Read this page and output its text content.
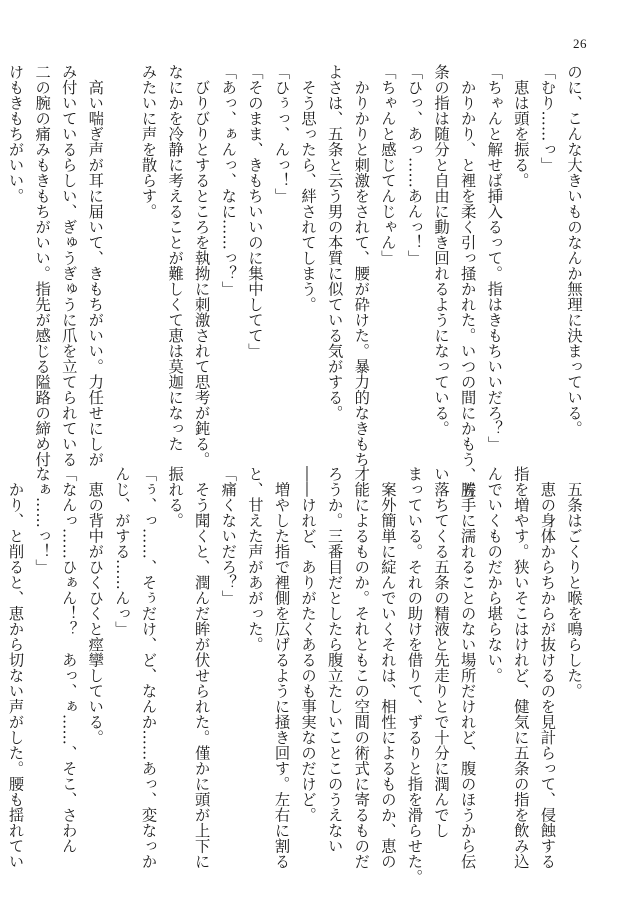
26
のに、こんな大きいものなんか無理に決まっている。
「むり……っ」
　恵は頭を振る。
「ちゃんと解せば挿入るって。指はきもちいいだろ？」
　かりかり、と裡を柔く引っ掻かれた。いつの間にかもう、五
条の指は随分と自由に動き回れるようになっている。
「ひっ、あっ……あんっ！」
「ちゃんと感じてんじゃん」
　かりかりと刺激をされて、腰が砕けた。暴力的なきもち
よさは、五条と云う男の本質に似ている気がする。
　そう思ったら、絆されてしまう。
「ひぅっ、んっ！」
「そのまま、きもちいいのに集中してて」
「あっ、ぁんっ、なに……っ？」
　びりびりとするところを執拗に刺激されて思考が鈍る。
なにかを冷静に考えることが難しくて恵は莫迦になった
みたいに声を散らす。

　高い喘ぎ声が耳に届いて、きもちがいい。力任せにしが
み付いているらしい、ぎゅうぎゅうに爪を立てられている
二の腕の痛みもきもちがいい。指先が感じる隘路の締め付
けもきもちがいい。
　五条はごくりと喉を鳴らした。
　恵の身体からちからが抜けるのを見計らって、侵蝕する
指を増やす。狭いそこはけれど、健気に五条の指を飲み込
んでいくものだから堪らない。
　勝手に濡れることのない場所だけれど、腹のほうから伝
い落ちてくる五条の精液と先走りとで十分に潤んでし
まっている。それの助けを借りて、ずるりと指を滑らせた。
　案外簡単に綻んでいくそれは、相性によるものか、恵の
才能によるものか。それともこの空間の術式に寄るものだ
ろうか。三番目だとしたら腹立たしいことこのうえない
――けれど、ありがたくあるのも事実なのだけど。
　増やした指で裡側を広げるように掻き回す。左右に割る
と、甘えた声があがった。
「痛くないだろ？」
　そう聞くと、潤んだ眸が伏せられた。僅かに頭が上下に
振れる。
「ぅ、っ……、そぅだけ、ど、なんか……あっ、変なっか
んじ、がする……んっ」
　恵の背中がひくひくと痙攣している。
「なんっ……ひぁん！？　あっ、ぁ……、そこ、さわん
なぁ……っ！」
　かり、と削ると、恵から切ない声がした。腰も揺れてい
